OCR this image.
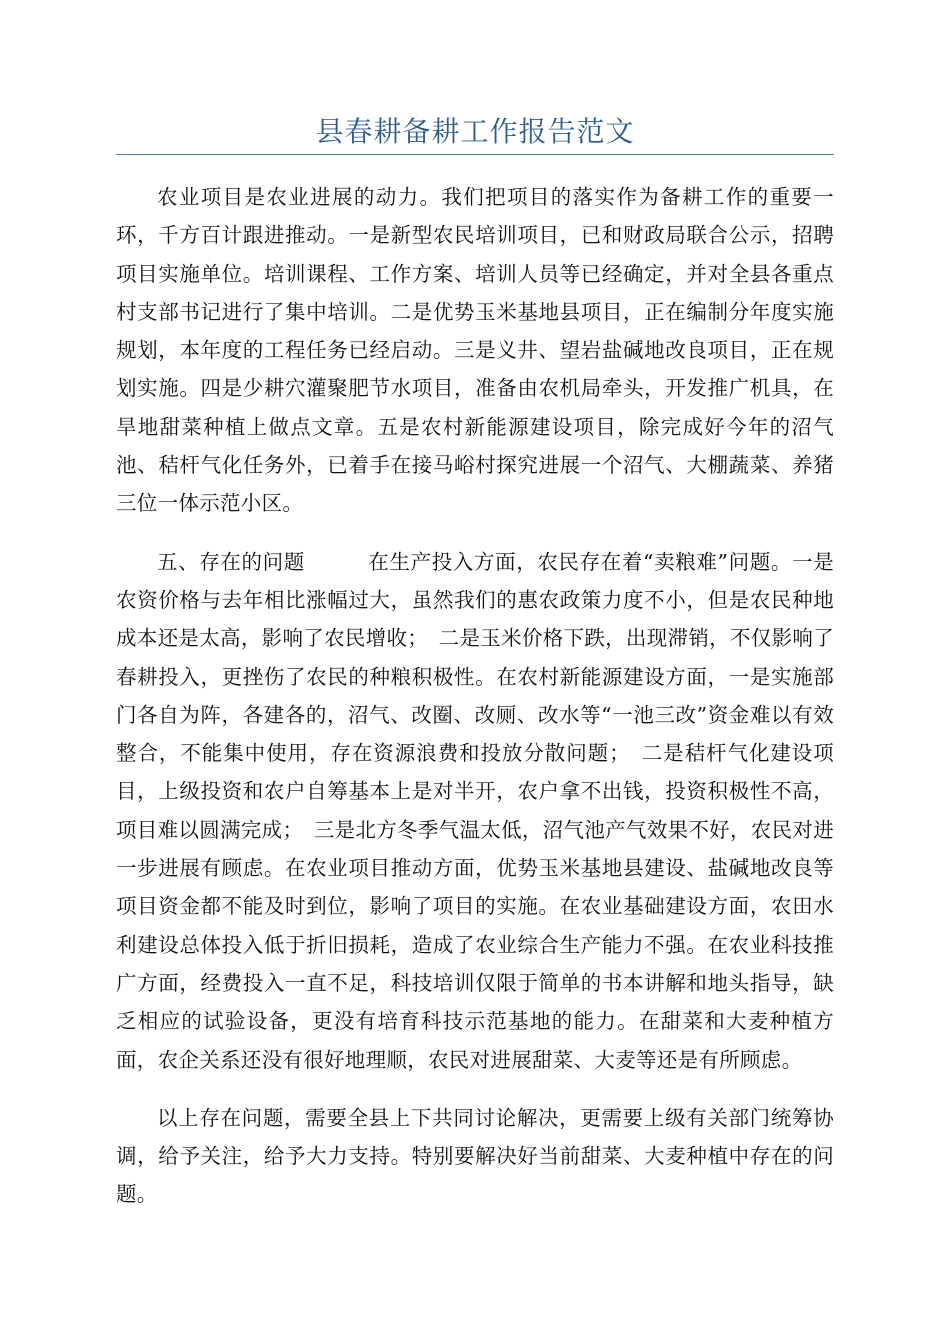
县春耕备耕工作报告范文

农业项目是农业进展的动力。我们把项目的落实作为备耕工作的重要一环，千方百计跟进推动。一是新型农民培训项目，已和财政局联合公示，招聘项目实施单位。培训课程、工作方案、培训人员等已经确定，并对全县各重点村支部书记进行了集中培训。二是优势玉米基地县项目，正在编制分年度实施规划，本年度的工程任务已经启动。三是义井、望岩盐碱地改良项目，正在规划实施。四是少耕穴灌聚肥节水项目，准备由农机局牵头，开发推广机具，在旱地甜菜种植上做点文章。五是农村新能源建设项目，除完成好今年的沼气池、秸杆气化任务外，已着手在接马峪村探究进展一个沼气、大棚蔬菜、养猪三位一体示范小区。

五、存在的问题　　　在生产投入方面，农民存在着“卖粮难”问题。一是农资价格与去年相比涨幅过大，虽然我们的惠农政策力度不小，但是农民种地成本还是太高，影响了农民增收；　二是玉米价格下跌，出现滞销，不仅影响了春耕投入，更挫伤了农民的种粮积极性。在农村新能源建设方面，一是实施部门各自为阵，各建各的，沼气、改圈、改厕、改水等“一池三改”资金难以有效整合，不能集中使用，存在资源浪费和投放分散问题；　二是秸杆气化建设项目，上级投资和农户自筹基本上是对半开，农户拿不出钱，投资积极性不高，项目难以圆满完成；　三是北方冬季气温太低，沼气池产气效果不好，农民对进一步进展有顾虑。在农业项目推动方面，优势玉米基地县建设、盐碱地改良等项目资金都不能及时到位，影响了项目的实施。在农业基础建设方面，农田水利建设总体投入低于折旧损耗，造成了农业综合生产能力不强。在农业科技推广方面，经费投入一直不足，科技培训仅限于简单的书本讲解和地头指导，缺乏相应的试验设备，更没有培育科技示范基地的能力。在甜菜和大麦种植方面，农企关系还没有很好地理顺，农民对进展甜菜、大麦等还是有所顾虑。

以上存在问题，需要全县上下共同讨论解决，更需要上级有关部门统筹协调，给予关注，给予大力支持。特别要解决好当前甜菜、大麦种植中存在的问题。
